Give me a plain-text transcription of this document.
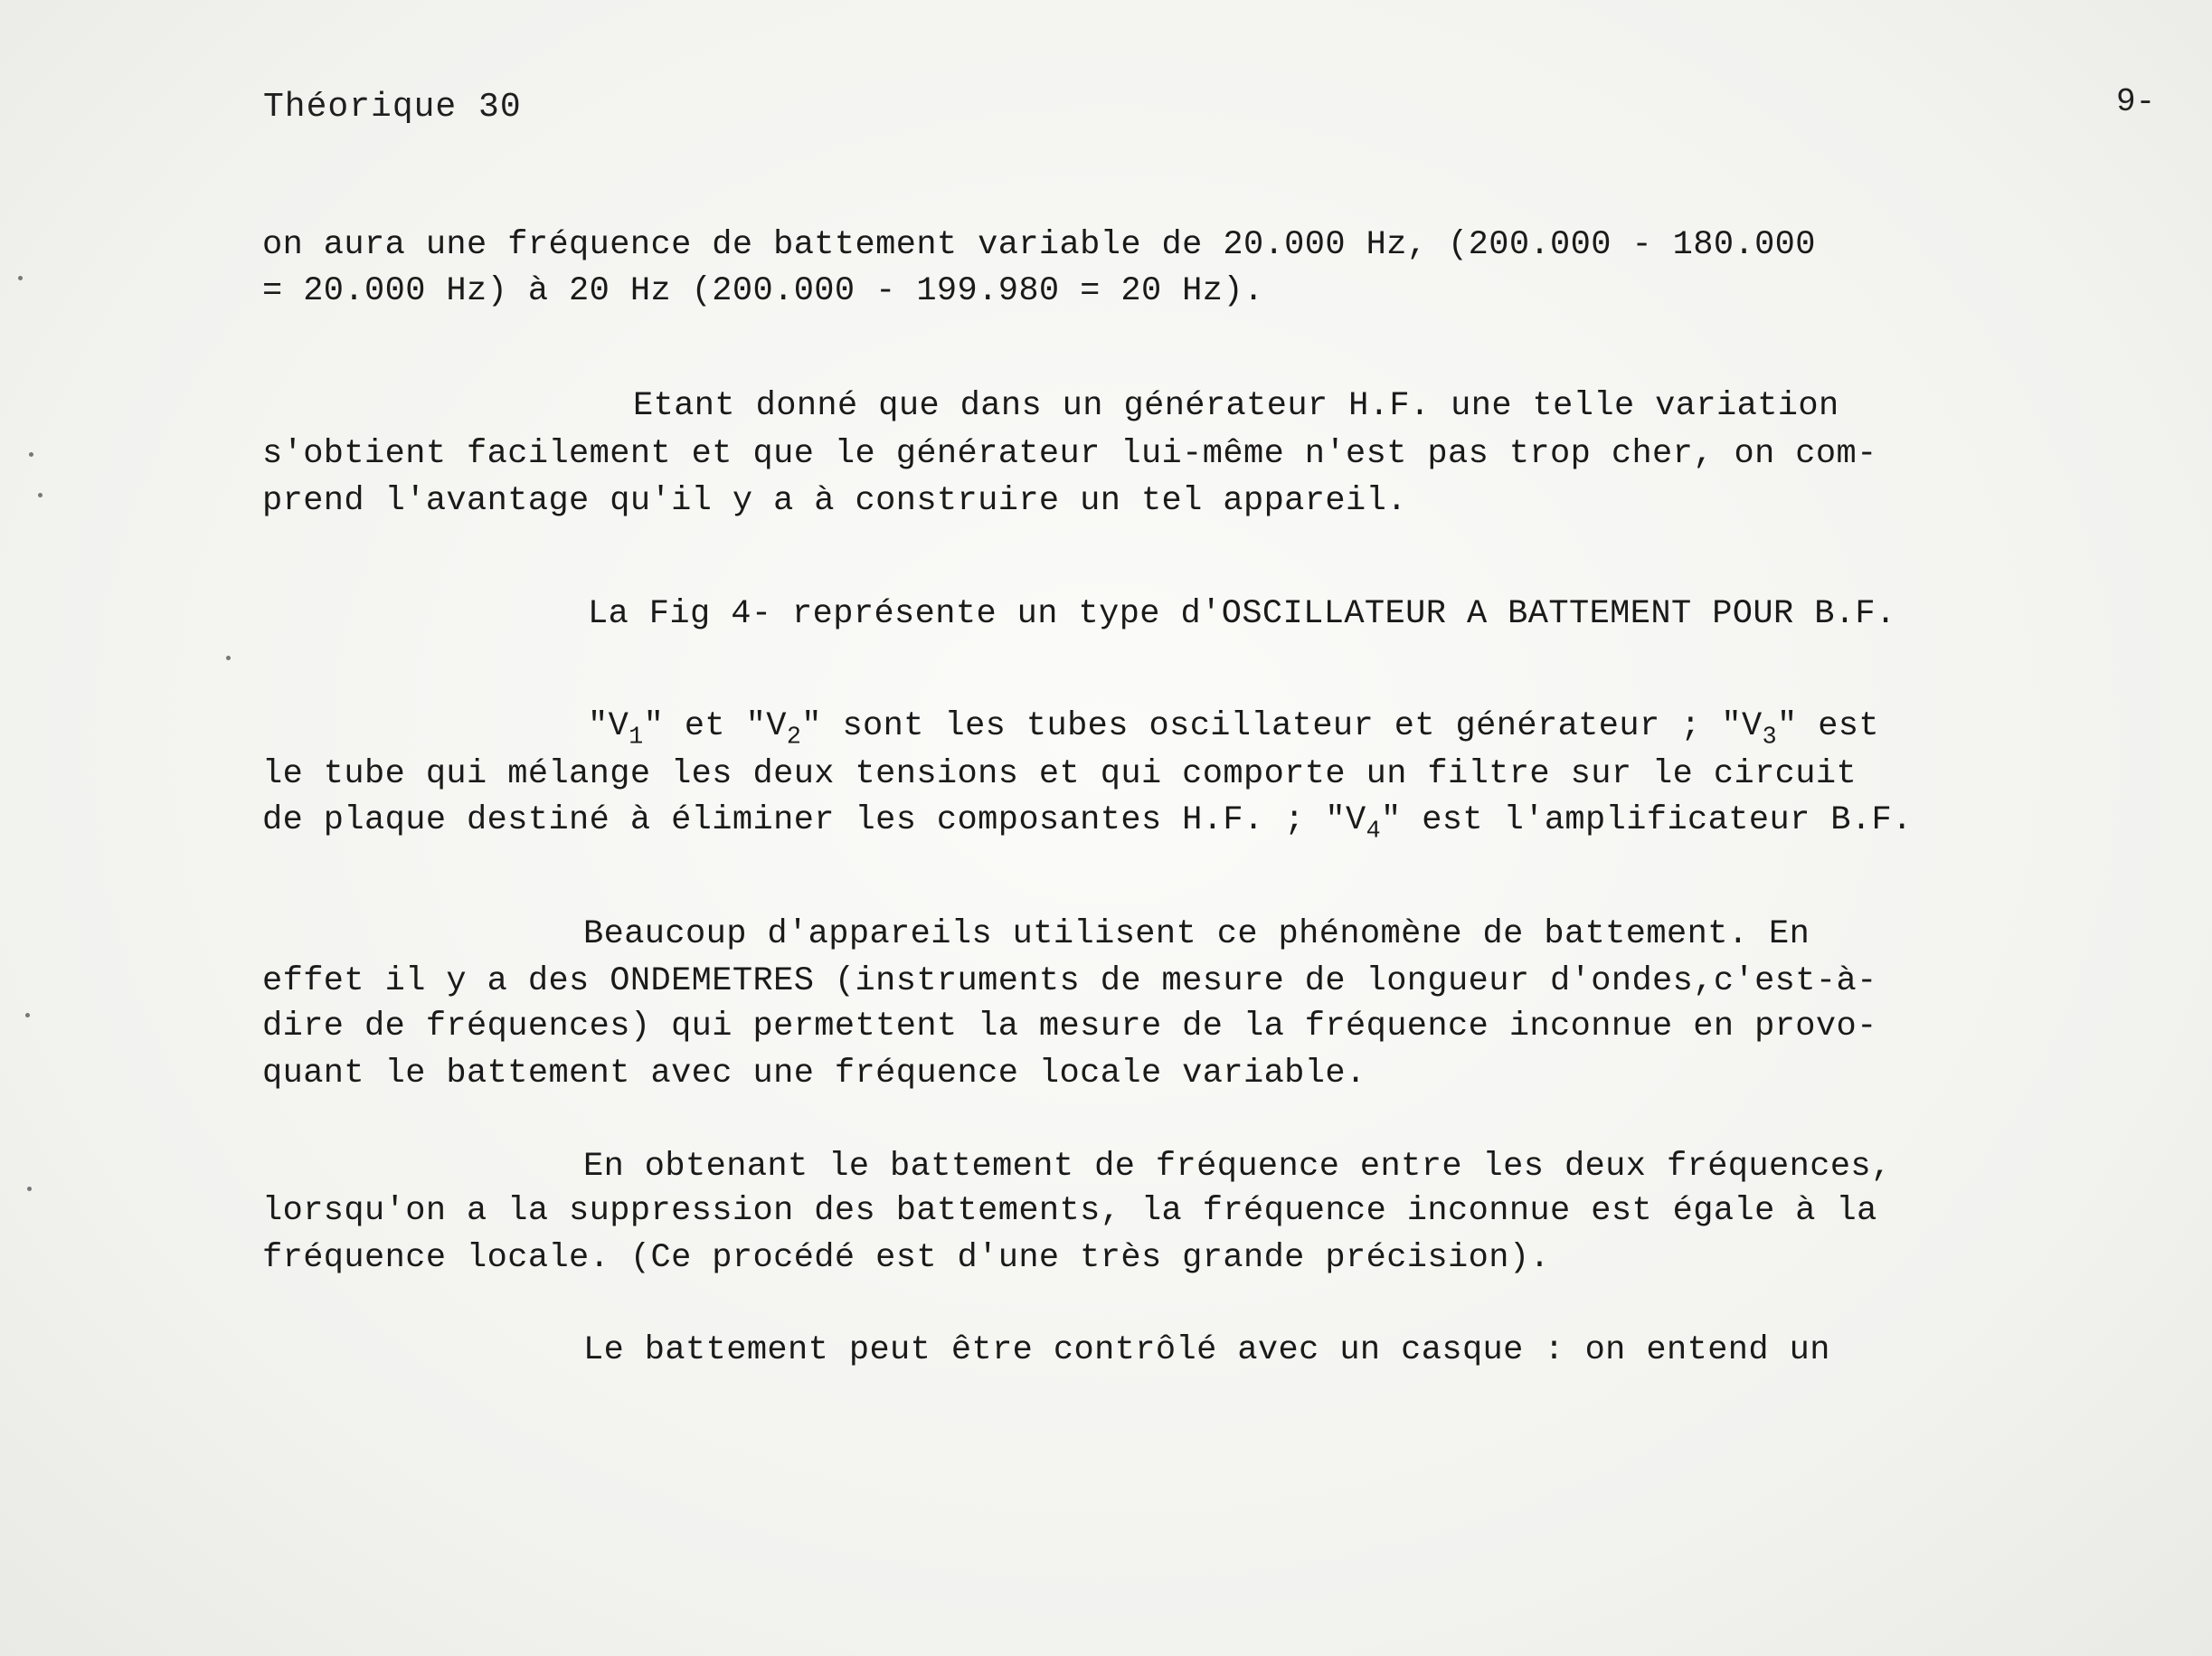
Théorique 30	9-
on aura une fréquence de battement variable de 20.000 Hz, (200.000 - 180.000
= 20.000 Hz) à 20 Hz (200.000 - 199.980 = 20 Hz).
Etant donné que dans un générateur H.F. une telle variation
s'obtient facilement et que le générateur lui-même n'est pas trop cher, on com-
prend l'avantage qu'il y a à construire un tel appareil.
La Fig 4- représente un type d'OSCILLATEUR A BATTEMENT POUR B.F.
"$V_1$" et "$V_2$" sont les tubes oscillateur et générateur ; "$V_3$" est
le tube qui mélange les deux tensions et qui comporte un filtre sur le circuit
de plaque destiné à éliminer les composantes H.F. ; "$V_4$" est l'amplificateur B.F.
Beaucoup d'appareils utilisent ce phénomène de battement. En
effet il y a des ONDEMETRES (instruments de mesure de longueur d'ondes,c'est-à-
dire de fréquences) qui permettent la mesure de la fréquence inconnue en provo-
quant le battement avec une fréquence locale variable.
En obtenant le battement de fréquence entre les deux fréquences,
lorsqu'on a la suppression des battements, la fréquence inconnue est égale à la
fréquence locale. (Ce procédé est d'une très grande précision).
Le battement peut être contrôlé avec un casque : on entend un
